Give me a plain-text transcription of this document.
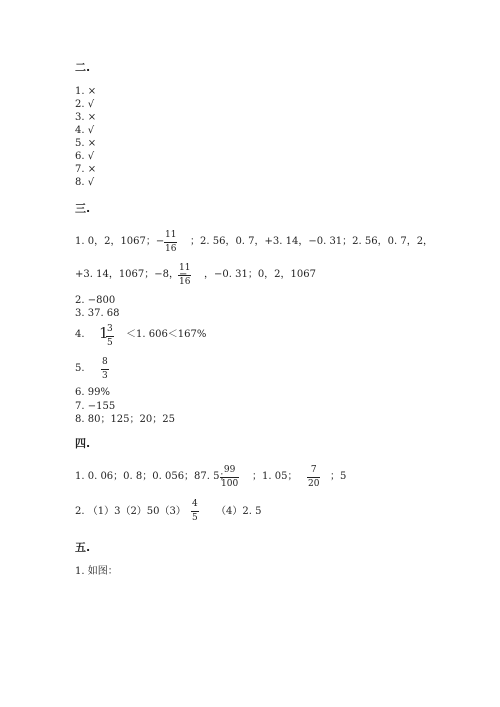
二.
1. ×
2. √
3. ×
4. √
5. ×
6. √
7. ×
8. √
三.
1. 0，2，1067；−
11
16
；2. 56，0. 7，+3. 14，−0. 31；2. 56，0. 7，2，
+3. 14，1067；−8，−
11
16
，−0. 31；0，2，1067
2. −800
3. 37. 68
4. 1
3
5
＜1. 606＜167%
5.
8
3
6. 99%
7. −155
8. 80；125；20；25
四.
1. 0. 06；0. 8；0. 056；87. 5；
99
100
；1. 05；
7
20
；5
2. （1）3（2）50（3）
4
5
（4）2. 5
五.
1. 如图：
